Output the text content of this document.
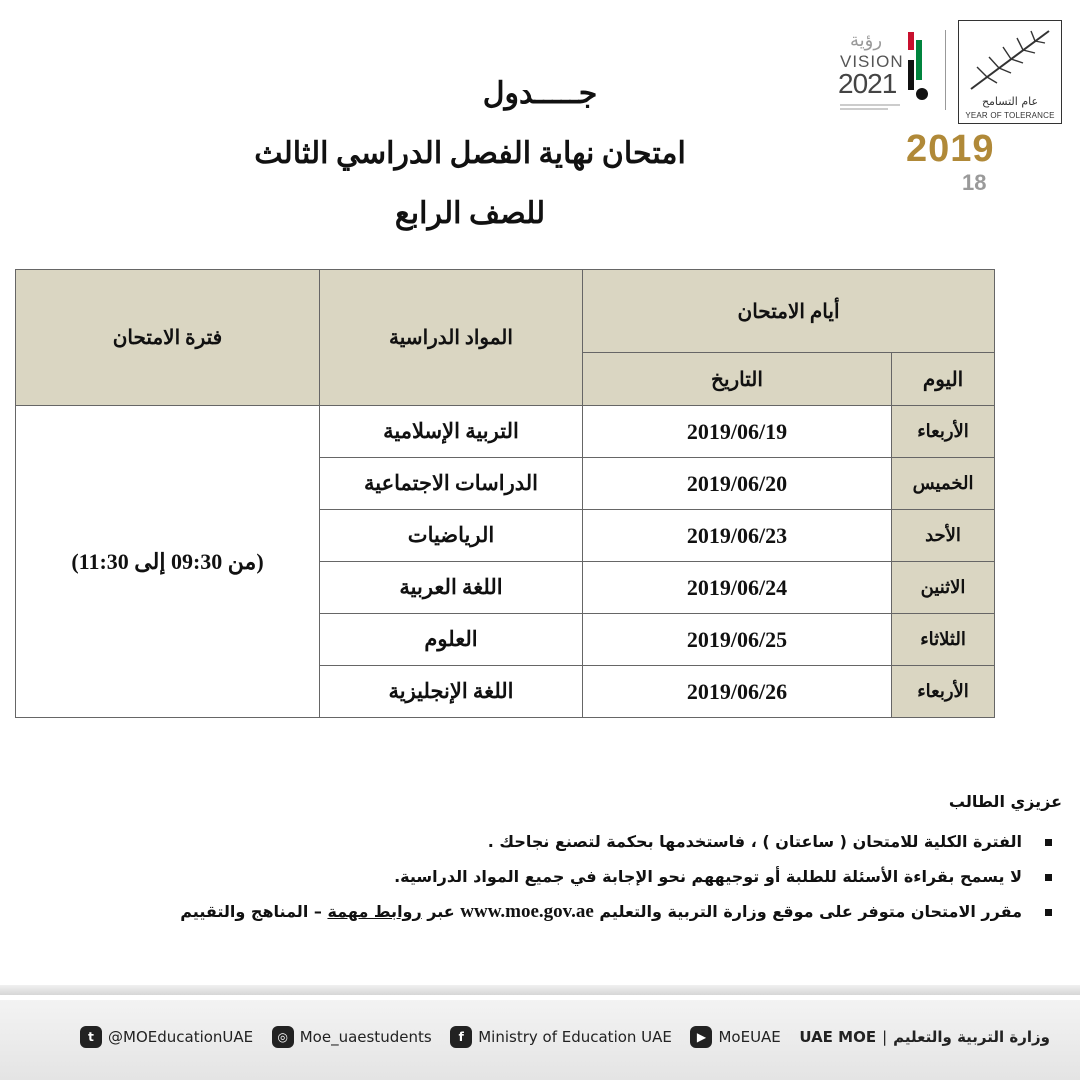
عام التسامح
YEAR OF TOLERANCE
رؤية
VISION
2021
2019
18
جـــــدول
امتحان نهاية الفصل الدراسي الثالث
للصف الرابع
أيام الامتحان		المواد الدراسية	فترة الامتحان
اليوم	التاريخ		
الأربعاء	2019/06/19	التربية الإسلامية	(من 09:30 إلى 11:30)
الخميس	2019/06/20	الدراسات الاجتماعية	
الأحد	2019/06/23	الرياضيات	
الاثنين	2019/06/24	اللغة العربية	
الثلاثاء	2019/06/25	العلوم	
الأربعاء	2019/06/26	اللغة الإنجليزية	
عزيزي الطالب
الفترة الكلية للامتحان ( ساعتان ) ، فاستخدمها بحكمة لتصنع نجاحك .
لا يسمح بقراءة الأسئلة للطلبة أو توجيههم نحو الإجابة في جميع المواد الدراسية.
مقرر الامتحان متوفر على موقع وزارة التربية والتعليم www.moe.gov.ae عبر روابط مهمة – المناهج والتقييم
t @MOEducationUAE	◎ Moe_uaestudents	f Ministry of Education UAE	▶ MoEUAE UAE MOE | وزارة التربية والتعليم
